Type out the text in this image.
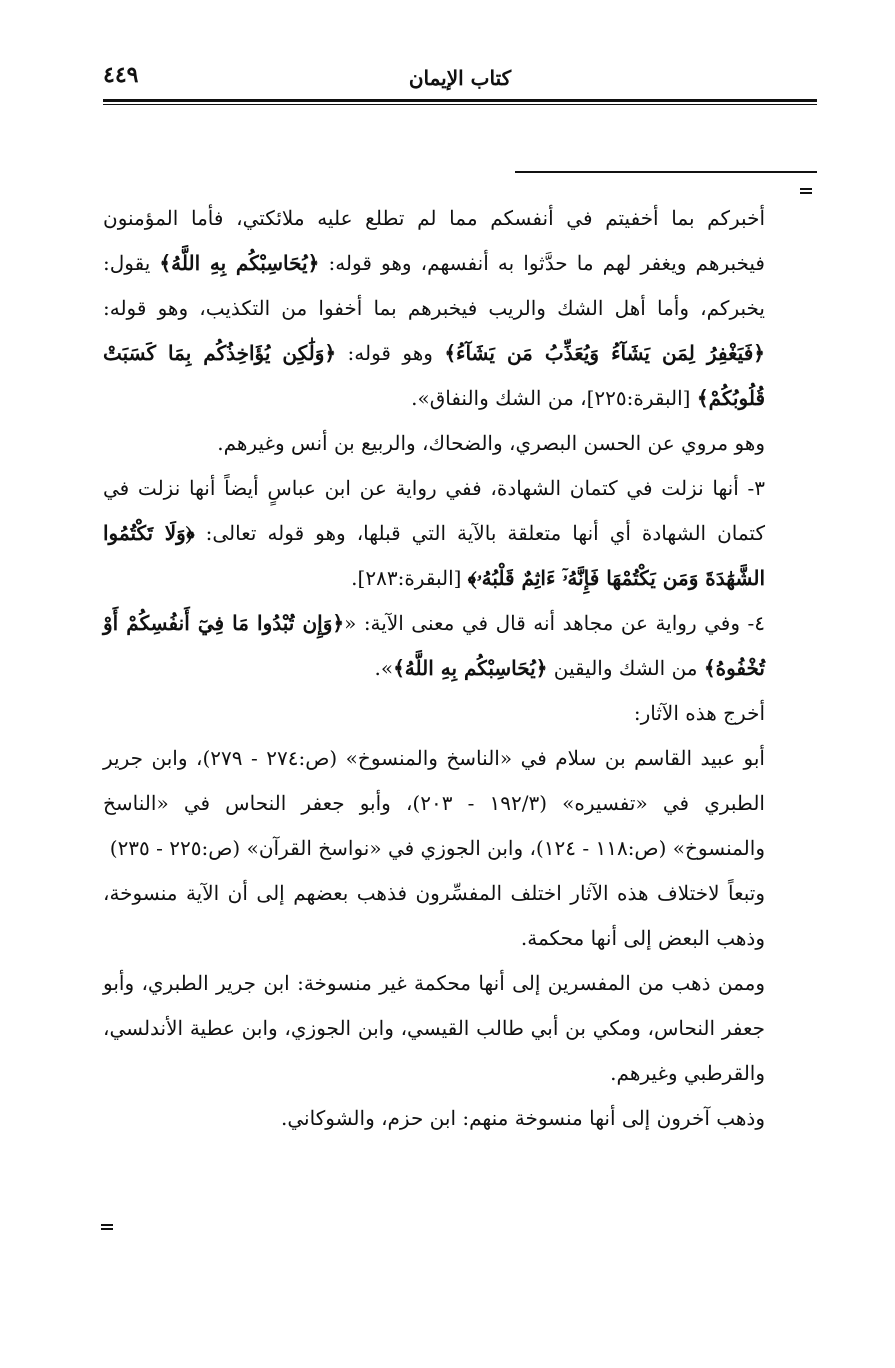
كتاب الإيمان
٤٤٩

أخبركم بما أخفيتم في أنفسكم مما لم تطلع عليه ملائكتي، فأما المؤمنون فيخبرهم ويغفر لهم ما حدَّثوا به أنفسهم، وهو قوله: ﴿يُحَاسِبْكُم بِهِ اللَّهُ﴾ يقول: يخبركم، وأما أهل الشك والريب فيخبرهم بما أخفوا من التكذيب، وهو قوله: ﴿فَيَغْفِرُ لِمَن يَشَآءُ وَيُعَذِّبُ مَن يَشَآءُ﴾ وهو قوله: ﴿وَلَٰكِن يُؤَاخِذُكُم بِمَا كَسَبَتْ قُلُوبُكُمْ﴾ [البقرة:٢٢٥]، من الشك والنفاق».

وهو مروي عن الحسن البصري، والضحاك، والربيع بن أنس وغيرهم.

٣- أنها نزلت في كتمان الشهادة، ففي رواية عن ابن عباسٍ أيضاً أنها نزلت في كتمان الشهادة أي أنها متعلقة بالآية التي قبلها، وهو قوله تعالى: ﴿وَلَا تَكْتُمُوا الشَّهَٰدَةَ وَمَن يَكْتُمْهَا فَإِنَّهُۥٓ ءَاثِمٌ قَلْبُهُۥ﴾ [البقرة:٢٨٣].

٤- وفي رواية عن مجاهد أنه قال في معنى الآية: «﴿وَإِن تُبْدُوا مَا فِيٓ أَنفُسِكُمْ أَوْ تُخْفُوهُ﴾ من الشك واليقين ﴿يُحَاسِبْكُم بِهِ اللَّهُ﴾».

أخرج هذه الآثار:

أبو عبيد القاسم بن سلام في «الناسخ والمنسوخ» (ص:٢٧٤ - ٢٧٩)، وابن جرير الطبري في «تفسيره» (١٩٢/٣ - ٢٠٣)، وأبو جعفر النحاس في «الناسخ والمنسوخ» (ص:١١٨ - ١٢٤)، وابن الجوزي في «نواسخ القرآن» (ص:٢٢٥ - ٢٣٥)

وتبعاً لاختلاف هذه الآثار اختلف المفسِّرون فذهب بعضهم إلى أن الآية منسوخة، وذهب البعض إلى أنها محكمة.

وممن ذهب من المفسرين إلى أنها محكمة غير منسوخة: ابن جرير الطبري، وأبو جعفر النحاس، ومكي بن أبي طالب القيسي، وابن الجوزي، وابن عطية الأندلسي، والقرطبي وغيرهم.

وذهب آخرون إلى أنها منسوخة منهم: ابن حزم، والشوكاني.
